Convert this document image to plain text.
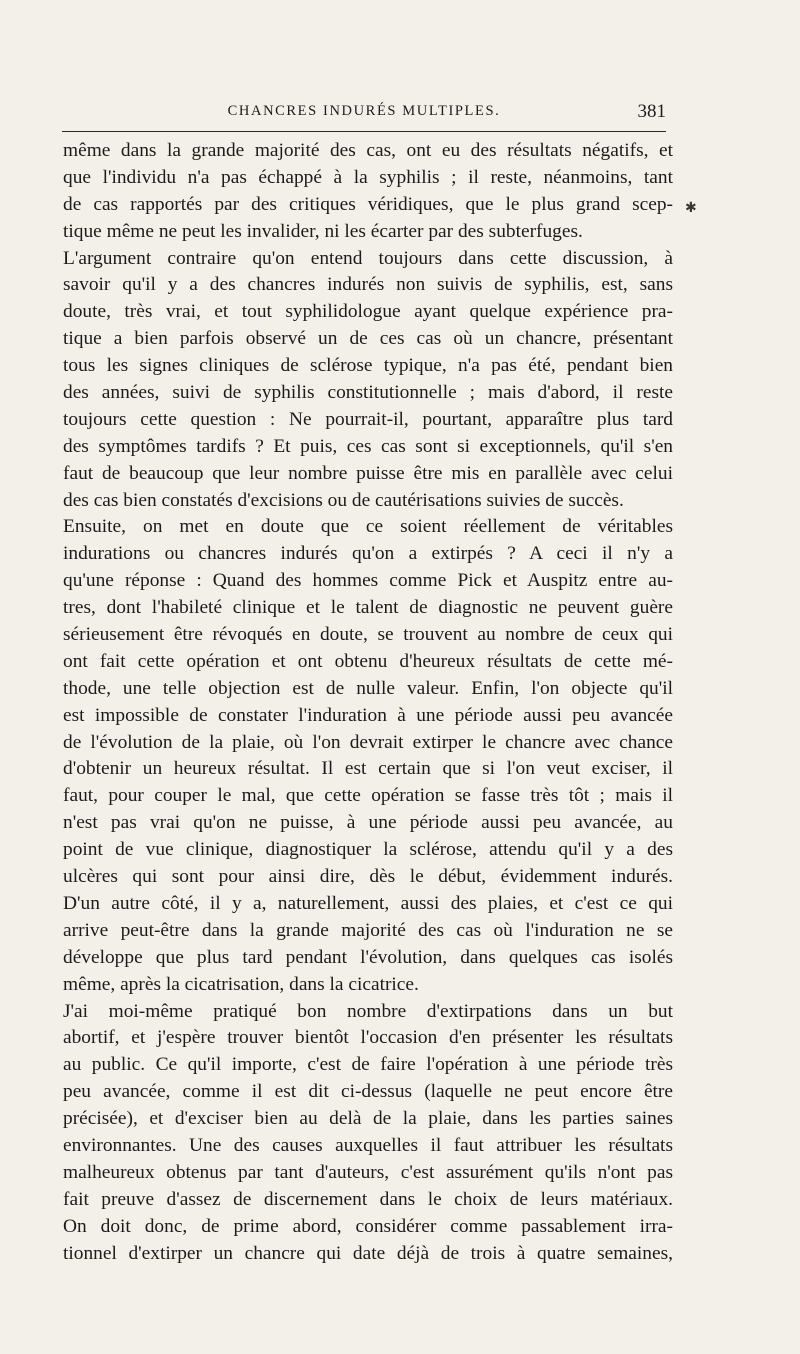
CHANCRES INDURÉS MULTIPLES.	381
même dans la grande majorité des cas, ont eu des résultats négatifs, et
que l'individu n'a pas échappé à la syphilis ; il reste, néanmoins, tant
de cas rapportés par des critiques véridiques, que le plus grand scep-
tique même ne peut les invalider, ni les écarter par des subterfuges.
L'argument contraire qu'on entend toujours dans cette discussion, à
savoir qu'il y a des chancres indurés non suivis de syphilis, est, sans
doute, très vrai, et tout syphilidologue ayant quelque expérience pra-
tique a bien parfois observé un de ces cas où un chancre, présentant
tous les signes cliniques de sclérose typique, n'a pas été, pendant bien
des années, suivi de syphilis constitutionnelle ; mais d'abord, il reste
toujours cette question : Ne pourrait-il, pourtant, apparaître plus tard
des symptômes tardifs ? Et puis, ces cas sont si exceptionnels, qu'il s'en
faut de beaucoup que leur nombre puisse être mis en parallèle avec celui
des cas bien constatés d'excisions ou de cautérisations suivies de succès.
Ensuite, on met en doute que ce soient réellement de véritables
indurations ou chancres indurés qu'on a extirpés ? A ceci il n'y a
qu'une réponse : Quand des hommes comme Pick et Auspitz entre au-
tres, dont l'habileté clinique et le talent de diagnostic ne peuvent guère
sérieusement être révoqués en doute, se trouvent au nombre de ceux qui
ont fait cette opération et ont obtenu d'heureux résultats de cette mé-
thode, une telle objection est de nulle valeur. Enfin, l'on objecte qu'il
est impossible de constater l'induration à une période aussi peu avancée
de l'évolution de la plaie, où l'on devrait extirper le chancre avec chance
d'obtenir un heureux résultat. Il est certain que si l'on veut exciser, il
faut, pour couper le mal, que cette opération se fasse très tôt ; mais il
n'est pas vrai qu'on ne puisse, à une période aussi peu avancée, au
point de vue clinique, diagnostiquer la sclérose, attendu qu'il y a des
ulcères qui sont pour ainsi dire, dès le début, évidemment indurés.
D'un autre côté, il y a, naturellement, aussi des plaies, et c'est ce qui
arrive peut-être dans la grande majorité des cas où l'induration ne se
développe que plus tard pendant l'évolution, dans quelques cas isolés
même, après la cicatrisation, dans la cicatrice.
J'ai moi-même pratiqué bon nombre d'extirpations dans un but
abortif, et j'espère trouver bientôt l'occasion d'en présenter les résultats
au public. Ce qu'il importe, c'est de faire l'opération à une période très
peu avancée, comme il est dit ci-dessus (laquelle ne peut encore être
précisée), et d'exciser bien au delà de la plaie, dans les parties saines
environnantes. Une des causes auxquelles il faut attribuer les résultats
malheureux obtenus par tant d'auteurs, c'est assurément qu'ils n'ont pas
fait preuve d'assez de discernement dans le choix de leurs matériaux.
On doit donc, de prime abord, considérer comme passablement irra-
tionnel d'extirper un chancre qui date déjà de trois à quatre semaines,
✱
